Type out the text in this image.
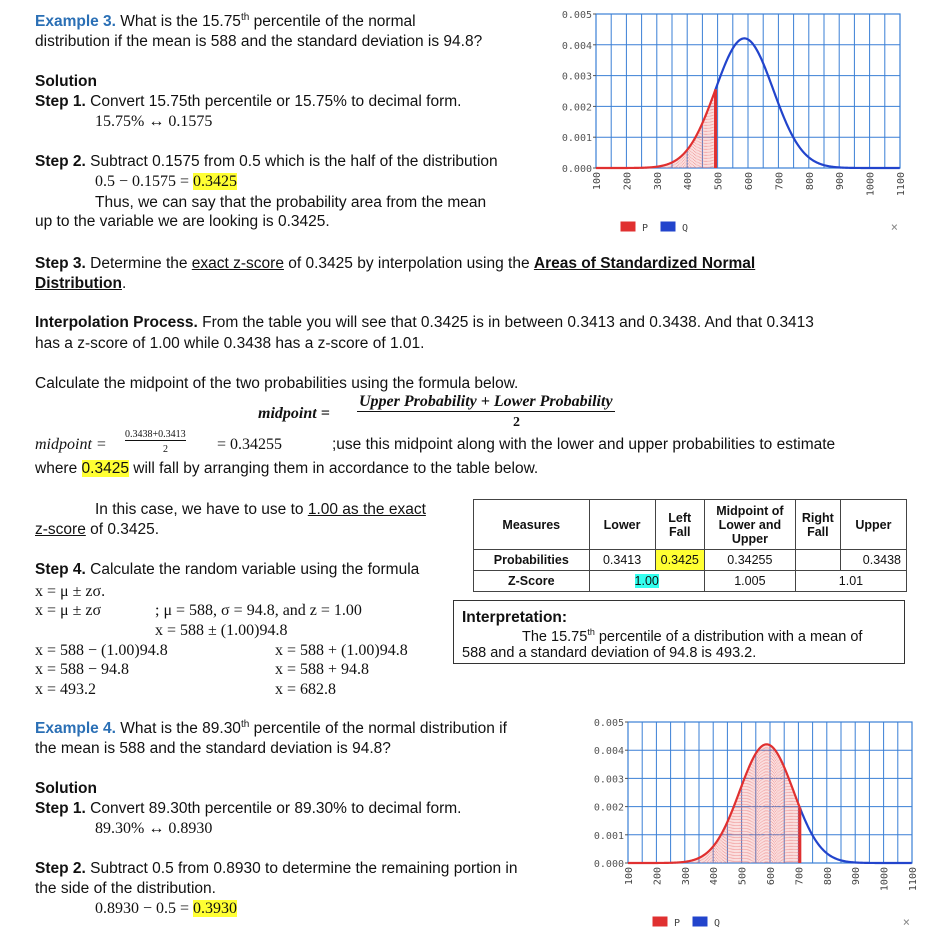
Example 3. What is the 15.75th percentile of the normal
distribution if the mean is 588 and the standard deviation is 94.8?
Solution
Step 1. Convert 15.75th percentile or 15.75% to decimal form.
15.75% ↔ 0.1575
Step 2. Subtract 0.1575 from 0.5 which is the half of the distribution
0.5 − 0.1575 = 0.3425
Thus, we can say that the probability area from the mean
up to the variable we are looking is 0.3425.
0.005
0.004
0.003
0.002
0.001
0.000
100 200 300 400 500 600 700 800 900 1000 1100
P	Q	×
Step 3. Determine the exact z-score of 0.3425 by interpolation using the Areas of Standardized Normal
Distribution.
Interpolation Process. From the table you will see that 0.3425 is in between 0.3413 and 0.3438. And that 0.3413
has a z-score of 1.00 while 0.3438 has a z-score of 1.01.
Calculate the midpoint of the two probabilities using the formula below.
midpoint =
Upper Probability + Lower Probability
2
midpoint =
0.3438+0.3413
2	= 0.34255	;use this midpoint along with the lower and upper probabilities to estimate
where 0.3425 will fall by arranging them in accordance to the table below.
In this case, we have to use to 1.00 as the exact
z-score of 0.3425.	Measures	Lower	Left Fall	Midpoint of Lower and Upper	Right Fall	Upper
Probabilities	0.3413	0.3425	0.34255		0.3438
Z-Score	1.00		1.005	1.01	
Step 4. Calculate the random variable using the formula
x = μ ± zσ.
x = μ ± zσ	; μ = 588, σ = 94.8, and z = 1.00
x = 588 ± (1.00)94.8
x = 588 − (1.00)94.8
x = 588 − 94.8
x = 493.2
x = 588 + (1.00)94.8
x = 588 + 94.8
x = 682.8
Interpretation:
The 15.75th percentile of a distribution with a mean of
588 and a standard deviation of 94.8 is 493.2.
Example 4. What is the 89.30th percentile of the normal distribution if
the mean is 588 and the standard deviation is 94.8?
Solution
Step 1. Convert 89.30th percentile or 89.30% to decimal form.
89.30% ↔ 0.8930
Step 2. Subtract 0.5 from 0.8930 to determine the remaining portion in
the side of the distribution.
0.8930 − 0.5 = 0.3930
0.005
0.004
0.003
0.002
0.001
0.000
100 200 300 400 500 600 700 800 900 1000 1100
P	Q	×
